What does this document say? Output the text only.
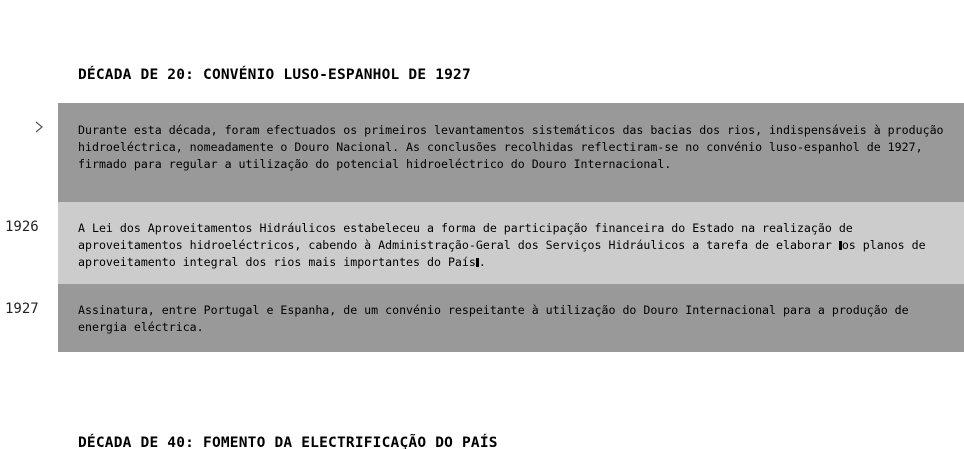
DÉCADA DE 20: CONVÉNIO LUSO-ESPANHOL DE 1927

Durante esta década, foram efectuados os primeiros levantamentos sistemáticos das bacias dos rios, indispensáveis à produção hidroeléctrica, nomeadamente o Douro Nacional. As conclusões recolhidas reflectiram-se no convénio luso-espanhol de 1927, firmado para regular a utilização do potencial hidroeléctrico do Douro Internacional.

1926	A Lei dos Aproveitamentos Hidráulicos estabeleceu a forma de participação financeira do Estado na realização de aproveitamentos hidroeléctricos, cabendo à Administração-Geral dos Serviços Hidráulicos a tarefa de elaborar os planos de aproveitamento integral dos rios mais importantes do País .

1927	Assinatura, entre Portugal e Espanha, de um convénio respeitante à utilização do Douro Internacional para a produção de energia eléctrica.

DÉCADA DE 40: FOMENTO DA ELECTRIFICAÇÃO DO PAÍS
